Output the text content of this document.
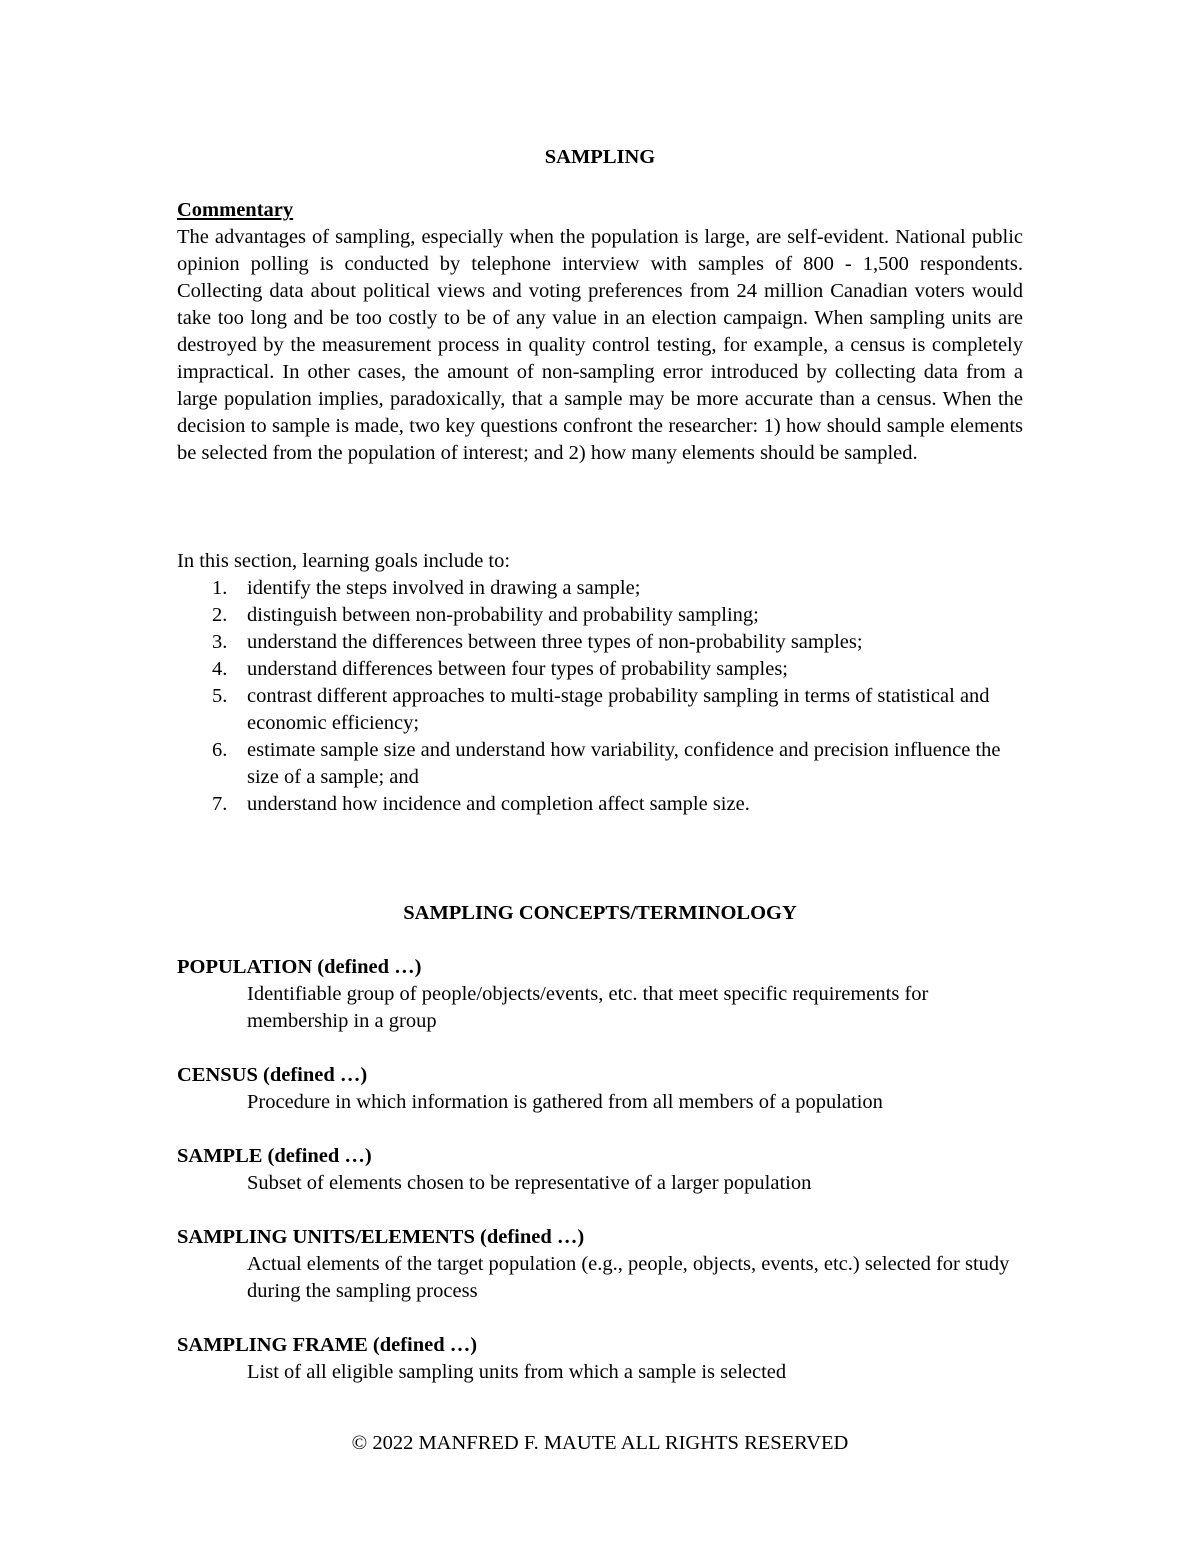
SAMPLING

Commentary

The advantages of sampling, especially when the population is large, are self-evident. National public opinion polling is conducted by telephone interview with samples of 800 - 1,500 respondents. Collecting data about political views and voting preferences from 24 million Canadian voters would take too long and be too costly to be of any value in an election campaign. When sampling units are destroyed by the measurement process in quality control testing, for example, a census is completely impractical. In other cases, the amount of non-sampling error introduced by collecting data from a large population implies, paradoxically, that a sample may be more accurate than a census. When the decision to sample is made, two key questions confront the researcher: 1) how should sample elements be selected from the population of interest; and 2) how many elements should be sampled.

In this section, learning goals include to:

1. identify the steps involved in drawing a sample;
2. distinguish between non-probability and probability sampling;
3. understand the differences between three types of non-probability samples;
4. understand differences between four types of probability samples;
5. contrast different approaches to multi-stage probability sampling in terms of statistical and economic efficiency;
6. estimate sample size and understand how variability, confidence and precision influence the size of a sample; and
7. understand how incidence and completion affect sample size.
SAMPLING CONCEPTS/TERMINOLOGY

POPULATION (defined …)

Identifiable group of people/objects/events, etc. that meet specific requirements for membership in a group

CENSUS (defined …)

Procedure in which information is gathered from all members of a population

SAMPLE (defined …)

Subset of elements chosen to be representative of a larger population

SAMPLING UNITS/ELEMENTS (defined …)

Actual elements of the target population (e.g., people, objects, events, etc.) selected for study during the sampling process

SAMPLING FRAME (defined …)

List of all eligible sampling units from which a sample is selected

© 2022 MANFRED F. MAUTE ALL RIGHTS RESERVED
